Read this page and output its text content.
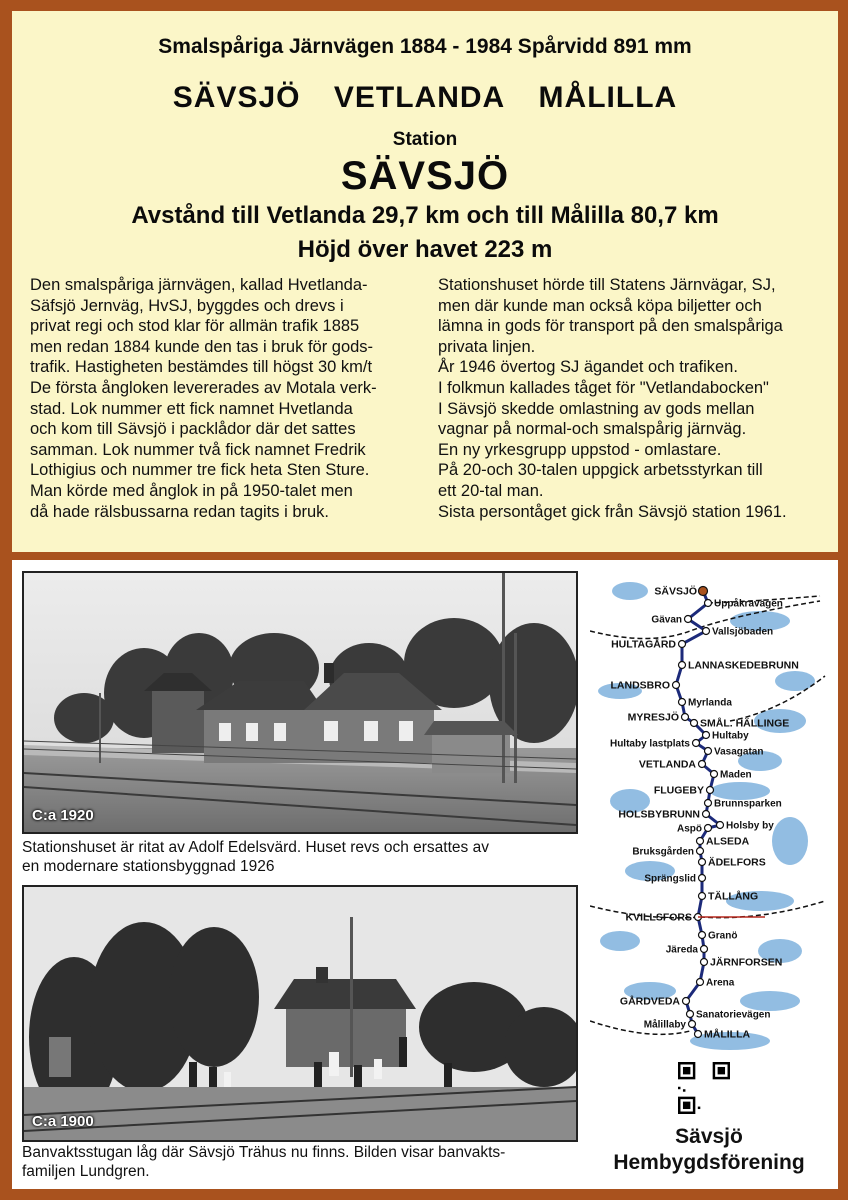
Smalspåriga Järnvägen 1884 - 1984 Spårvidd 891 mm
SÄVSJÖ VETLANDA MÅLILLA
Station
SÄVSJÖ
Avstånd till Vetlanda 29,7 km och till Målilla 80,7 km
Höjd över havet 223 m
Den smalspåriga järnvägen, kallad Hvetlanda-
Säfsjö Jernväg, HvSJ, byggdes och drevs i
privat regi och stod klar för allmän trafik 1885
men redan 1884 kunde den tas i bruk för gods-
trafik. Hastigheten bestämdes till högst 30 km/t
De första ångloken levererades av Motala verk-
stad. Lok nummer ett fick namnet Hvetlanda
och kom till Sävsjö i packlådor där det sattes
samman. Lok nummer två fick namnet Fredrik
Lothigius och nummer tre fick heta Sten Sture.
Man körde med ånglok in på 1950-talet men
då hade rälsbussarna redan tagits i bruk.
Stationshuset hörde till Statens Järnvägar, SJ,
men där kunde man också köpa biljetter och
lämna in gods för transport på den smalspåriga
privata linjen.
År 1946 övertog SJ ägandet och trafiken.
I folkmun kallades tåget för "Vetlandabocken"
I Sävsjö skedde omlastning av gods mellan
vagnar på normal-och smalspårig järnväg.
En ny yrkesgrupp uppstod - omlastare.
På 20-och 30-talen uppgick arbetsstyrkan till
ett 20-tal man.
Sista persontåget gick från Sävsjö station 1961.
C:a 1920
Stationshuset är ritat av Adolf Edelsvärd. Huset revs och ersattes av
en modernare stationsbyggnad 1926
C:a 1900
Banvaktsstugan låg där Sävsjö Trähus nu finns. Bilden visar banvakts-
familjen Lundgren.
SÄVSJÖ
Uppåkravägen
Gävan
Vallsjöbaden
HULTAGÅRD
LANNASKEDEBRUNN
LANDSBRO
Myrlanda
MYRESJÖ SMÅL. HÄLLINGE
Hultaby
Hultaby lastplats
Vasagatan
VETLANDA
Maden
FLUGEBY
Brunnsparken
HOLSBYBRUNN
Holsby by
Aspö
ALSEDA
Bruksgården
ÄDELFORS
Sprängslid
TÄLLÅNG
KVILLSFORS
Granö
Järeda
JÄRNFORSEN
Arena
GÅRDVEDA
Sanatorievägen
Målillaby
MÅLILLA
Sävsjö
Hembygdsförening
